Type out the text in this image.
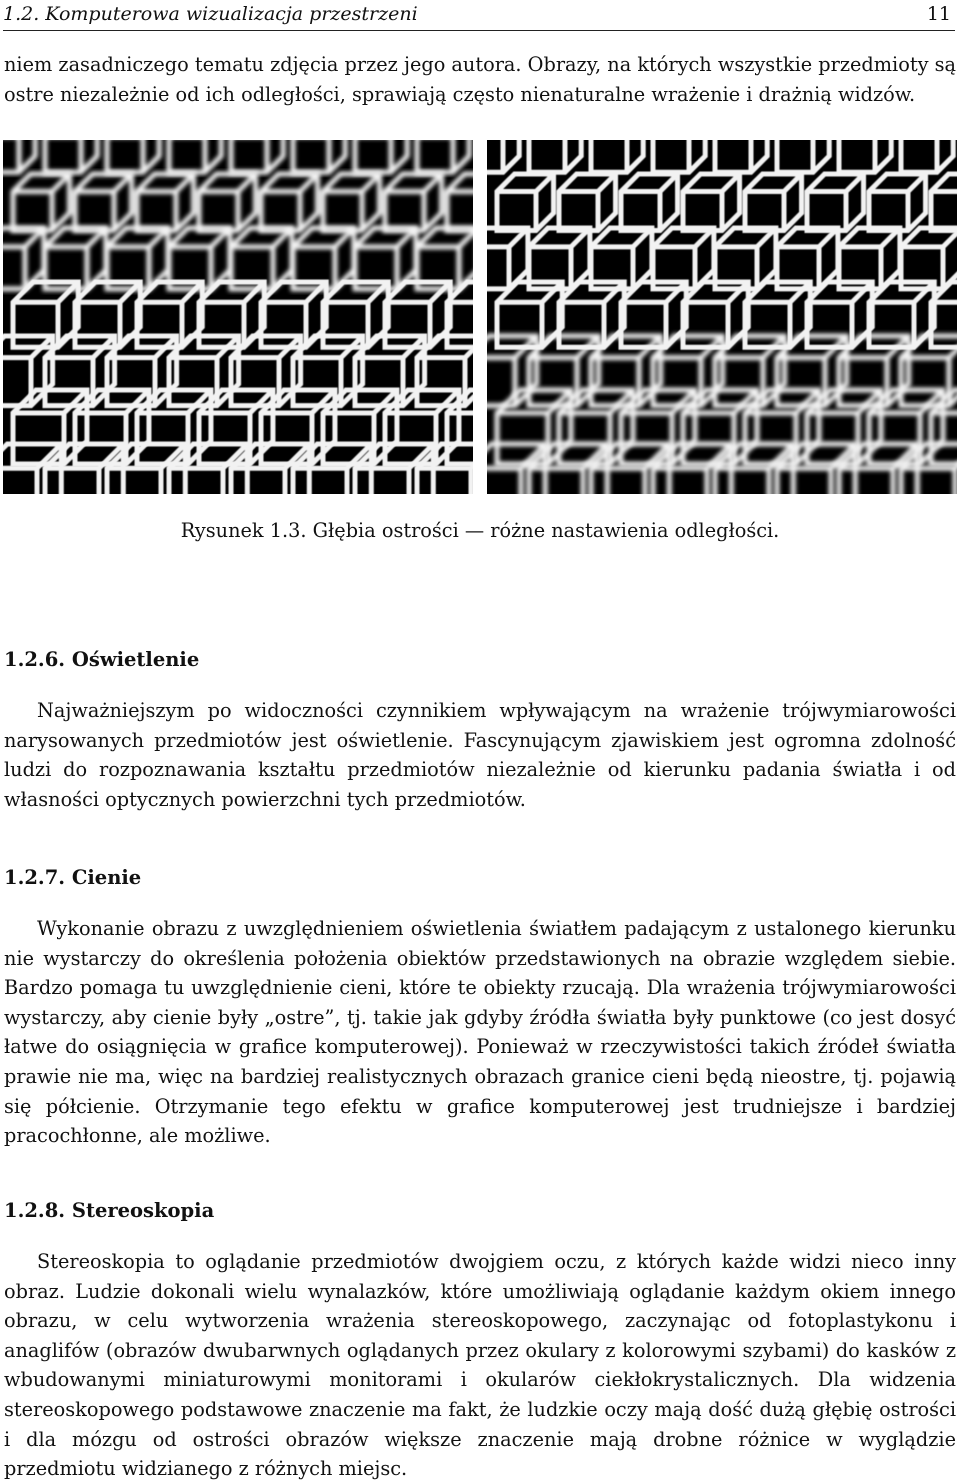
1.2. Komputerowa wizualizacja przestrzeni	11

niem zasadniczego tematu zdjęcia przez jego autora. Obrazy, na których wszystkie przedmioty są ostre niezależnie od ich odległości, sprawiają często nienaturalne wrażenie i drażnią widzów.

Rysunek 1.3. Głębia ostrości — różne nastawienia odległości.
1.2.6. Oświetlenie

Najważniejszym po widoczności czynnikiem wpływającym na wrażenie trójwymiarowości narysowanych przedmiotów jest oświetlenie. Fascynującym zjawiskiem jest ogromna zdolność ludzi do rozpoznawania kształtu przedmiotów niezależnie od kierunku padania światła i od własności optycznych powierzchni tych przedmiotów.

1.2.7. Cienie

Wykonanie obrazu z uwzględnieniem oświetlenia światłem padającym z ustalonego kierunku nie wystarczy do określenia położenia obiektów przedstawionych na obrazie względem siebie. Bardzo pomaga tu uwzględnienie cieni, które te obiekty rzucają. Dla wrażenia trójwymiarowości wystarczy, aby cienie były „ostre”, tj. takie jak gdyby źródła światła były punktowe (co jest dosyć łatwe do osiągnięcia w grafice komputerowej). Ponieważ w rzeczywistości takich źródeł światła prawie nie ma, więc na bardziej realistycznych obrazach granice cieni będą nieostre, tj. pojawią się półcienie. Otrzymanie tego efektu w grafice komputerowej jest trudniejsze i bardziej pracochłonne, ale możliwe.

1.2.8. Stereoskopia

Stereoskopia to oglądanie przedmiotów dwojgiem oczu, z których każde widzi nieco inny obraz. Ludzie dokonali wielu wynalazków, które umożliwiają oglądanie każdym okiem innego obrazu, w celu wytworzenia wrażenia stereoskopowego, zaczynając od fotoplastykonu i anaglifów (obrazów dwubarwnych oglądanych przez okulary z kolorowymi szybami) do kasków z wbudowanymi miniaturowymi monitorami i okularów ciekłokrystalicznych. Dla widzenia stereoskopowego podstawowe znaczenie ma fakt, że ludzkie oczy mają dość dużą głębię ostrości i dla mózgu od ostrości obrazów większe znaczenie mają drobne różnice w wyglądzie przedmiotu widzianego z różnych miejsc.
